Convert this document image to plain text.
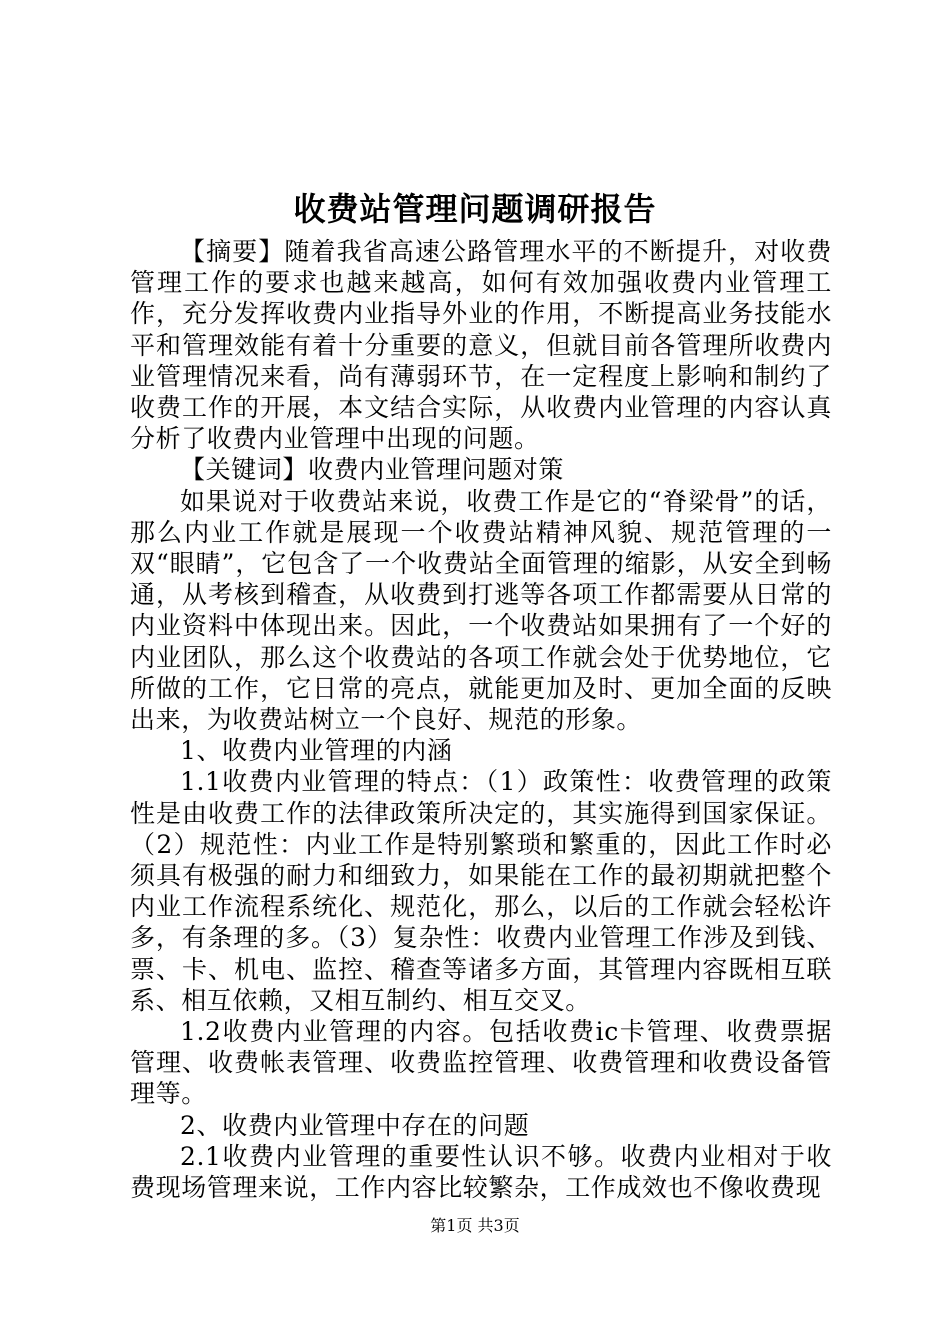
收费站管理问题调研报告

【摘要】随着我省高速公路管理水平的不断提升，对收费管理工作的要求也越来越高，如何有效加强收费内业管理工作，充分发挥收费内业指导外业的作用，不断提高业务技能水平和管理效能有着十分重要的意义，但就目前各管理所收费内业管理情况来看，尚有薄弱环节，在一定程度上影响和制约了收费工作的开展，本文结合实际，从收费内业管理的内容认真分析了收费内业管理中出现的问题。

【关键词】收费内业管理问题对策

如果说对于收费站来说，收费工作是它的“脊梁骨”的话，那么内业工作就是展现一个收费站精神风貌、规范管理的一双“眼睛”，它包含了一个收费站全面管理的缩影，从安全到畅通，从考核到稽查，从收费到打逃等各项工作都需要从日常的内业资料中体现出来。因此，一个收费站如果拥有了一个好的内业团队，那么这个收费站的各项工作就会处于优势地位，它所做的工作，它日常的亮点，就能更加及时、更加全面的反映出来，为收费站树立一个良好、规范的形象。

1、收费内业管理的内涵

1.1收费内业管理的特点：（1）政策性：收费管理的政策性是由收费工作的法律政策所决定的，其实施得到国家保证。（2）规范性：内业工作是特别繁琐和繁重的，因此工作时必须具有极强的耐力和细致力，如果能在工作的最初期就把整个内业工作流程系统化、规范化，那么，以后的工作就会轻松许多，有条理的多。（3）复杂性：收费内业管理工作涉及到钱、票、卡、机电、监控、稽查等诸多方面，其管理内容既相互联系、相互依赖，又相互制约、相互交叉。

1.2收费内业管理的内容。包括收费ic卡管理、收费票据管理、收费帐表管理、收费监控管理、收费管理和收费设备管理等。

2、收费内业管理中存在的问题

2.1收费内业管理的重要性认识不够。收费内业相对于收费现场管理来说，工作内容比较繁杂，工作成效也不像收费现

第1页 共3页
